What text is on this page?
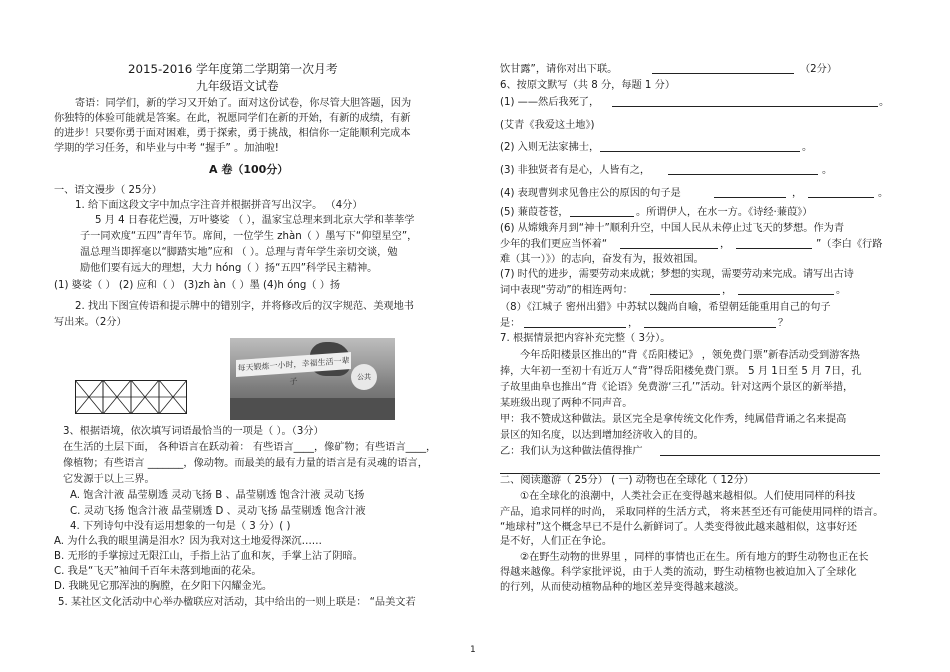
2015-2016 学年度第二学期第一次月考
九年级语文试卷
寄语：同学们，新的学习又开始了。面对这份试卷，你尽管大胆答题，因为
你独特的体验可能就是答案。在此，祝愿同学们在新的开始，有新的成绩，有新
的进步！只要你勇于面对困难，勇于探索，勇于挑战，相信你一定能顺利完成本
学期的学习任务，和毕业与中考 “握手” 。加油啦!
A 卷（100分）
一、语文漫步（ 25分）
1. 给下面这段文字中加点字注音并根据拼音写出汉字。 （4分）
5 月 4 日春花烂漫，万叶婆娑 （ ），温家宝总理来到北京大学和莘莘学
子一同欢度“五四”青年节。席间，一位学生 zhàn（ ）墨写下“仰望星空”，
温总理当即挥毫以“脚踏实地”应和 （ ）。总理与青年学生亲切交谈，勉
励他们要有远大的理想，大力 hóng（ ）扬“五四”科学民主精神。
(1) 婆娑（ ） (2) 应和（ ） (3)zh àn（ ）墨 (4)h óng（ ）扬
2. 找出下图宣传语和提示牌中的错别字，并将修改后的汉字规范、美观地书
写出来。（2分）
每天锻炼一小时，幸福生活一辈子	公共
3、根据语境，依次填写词语最恰当的一项是（ ）。（3分）
在生活的土层下面， 各种语言在跃动着： 有些语言____，像矿物；有些语言____，
像植物；有些语言 _______，像动物。而最美的最有力量的语言是有灵魂的语言，
它发源于以上三界。
A. 饱含汁液 晶莹剔透 灵动飞扬 B 、晶莹剔透 饱含汁液 灵动飞扬
C. 灵动飞扬 饱含汁液 晶莹剔透 D 、灵动飞扬 晶莹剔透 饱含汁液
4. 下列诗句中没有运用想象的一句是（ 3 分）( )
A. 为什么我的眼里满是泪水？因为我对这土地爱得深沉……
B. 无形的手掌掠过无限江山，手指上沾了血和灰，手掌上沾了阴暗。
C. 我是“飞天”袖间千百年未落到地面的花朵。
D. 我眺见它那浑浊的胸膛，在夕阳下闪耀金光。
5. 某社区文化活动中心举办楹联应对活动，其中给出的一则上联是： “品美文若
饮甘露”，请你对出下联。	（2分）
6、按原文默写（共 8 分，每题 1 分）
(1) ——然后我死了，	。
(艾青《我爱这土地》)
(2) 入则无法家拂士，	。
(3) 非独贤者有是心，人皆有之，	。
(4) 表现曹刿求见鲁庄公的原因的句子是	，	。
(5) 蒹葭苍苍，	。所谓伊人，在水一方。《诗经·蒹葭》）
(6) 从嫦娥奔月到“神十”顺利升空，中国人民从未停止过飞天的梦想。作为青
少年的我们更应当怀着“	，	”（李白《行路
难（其一）》）的志向，奋发有为，报效祖国。
(7) 时代的进步，需要劳动来成就；梦想的实现，需要劳动来完成。请写出古诗
词中表现“劳动”的相连两句：	，	。
（8）《江城子 密州出猎》中苏轼以魏尚自喻，希望朝廷能重用自己的句子
是：	，	？
7. 根据情景把内容补充完整（ 3分）。
今年岳阳楼景区推出的“背《岳阳楼记》 ，领免费门票”新春活动受到游客热
捧，大年初一至初十有近万人“背”得岳阳楼免费门票。 5 月 1日至 5 月 7日，孔
子故里曲阜也推出“背《论语》免费游‘三孔’”活动。针对这两个景区的新举措，
某班级出现了两种不同声音。
甲：我不赞成这种做法。景区完全是拿传统文化作秀，纯属借背诵之名来提高
景区的知名度，以达到增加经济收入的目的。
乙：我们认为这种做法值得推广
二、阅读邀游（ 25分） ( 一) 动物也在全球化（ 12分）
①在全球化的浪潮中，人类社会正在变得越来越相似。人们使用同样的科技
产品，追求同样的时尚， 采取同样的生活方式， 将来甚至还有可能使用同样的语言。
“地球村”这个概念早已不是什么新鲜词了。人类变得彼此越来越相似，这事好还
是不好，人们正在争论。
②在野生动物的世界里 ，同样的事情也正在生。所有地方的野生动物也正在长
得越来越像。科学家批评说，由于人类的流动，野生动植物也被迫加入了全球化
的行列，从而使动植物品种的地区差异变得越来越淡。
1
